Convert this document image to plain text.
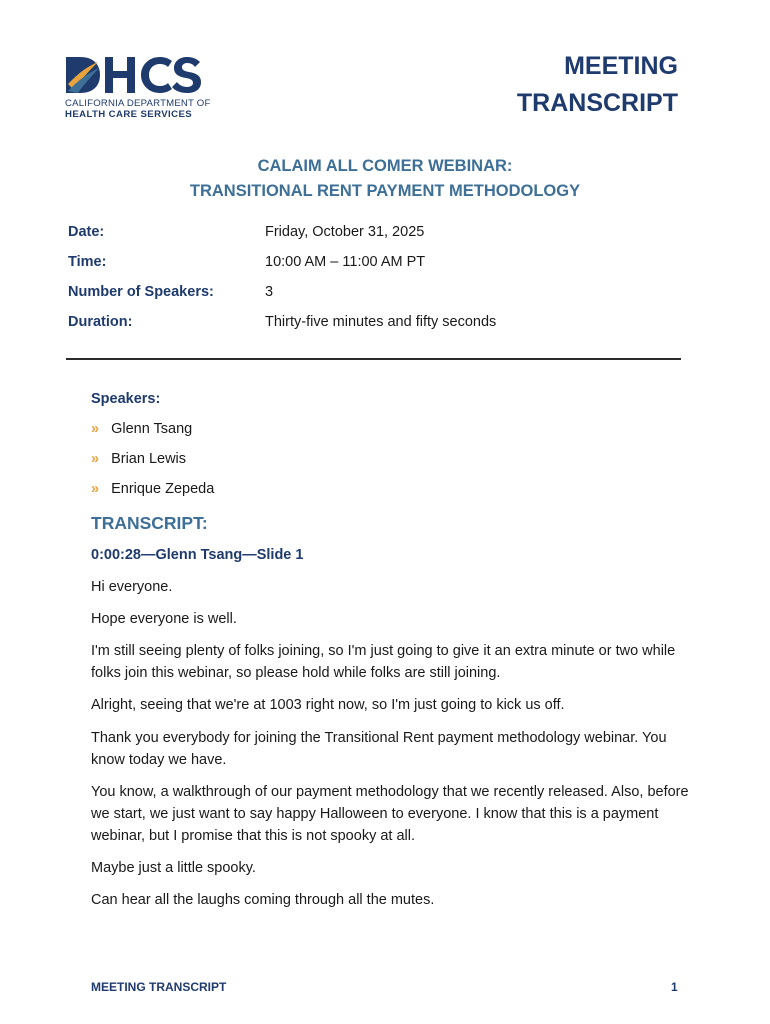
CALIFORNIA DEPARTMENT OF
HEALTH CARE SERVICES
MEETING
TRANSCRIPT
CALAIM ALL COMER WEBINAR:
TRANSITIONAL RENT PAYMENT METHODOLOGY
Date:	Friday, October 31, 2025
Time:	10:00 AM – 11:00 AM PT
Number of Speakers:	3
Duration:	Thirty-five minutes and fifty seconds
Speakers:
» Glenn Tsang
» Brian Lewis
» Enrique Zepeda
TRANSCRIPT:
0:00:28—Glenn Tsang—Slide 1
Hi everyone.
Hope everyone is well.
I'm still seeing plenty of folks joining, so I'm just going to give it an extra minute or two while folks join this webinar, so please hold while folks are still joining.
Alright, seeing that we're at 1003 right now, so I'm just going to kick us off.
Thank you everybody for joining the Transitional Rent payment methodology webinar. You know today we have.
You know, a walkthrough of our payment methodology that we recently released. Also, before we start, we just want to say happy Halloween to everyone. I know that this is a payment webinar, but I promise that this is not spooky at all.
Maybe just a little spooky.
Can hear all the laughs coming through all the mutes.
MEETING TRANSCRIPT	1
